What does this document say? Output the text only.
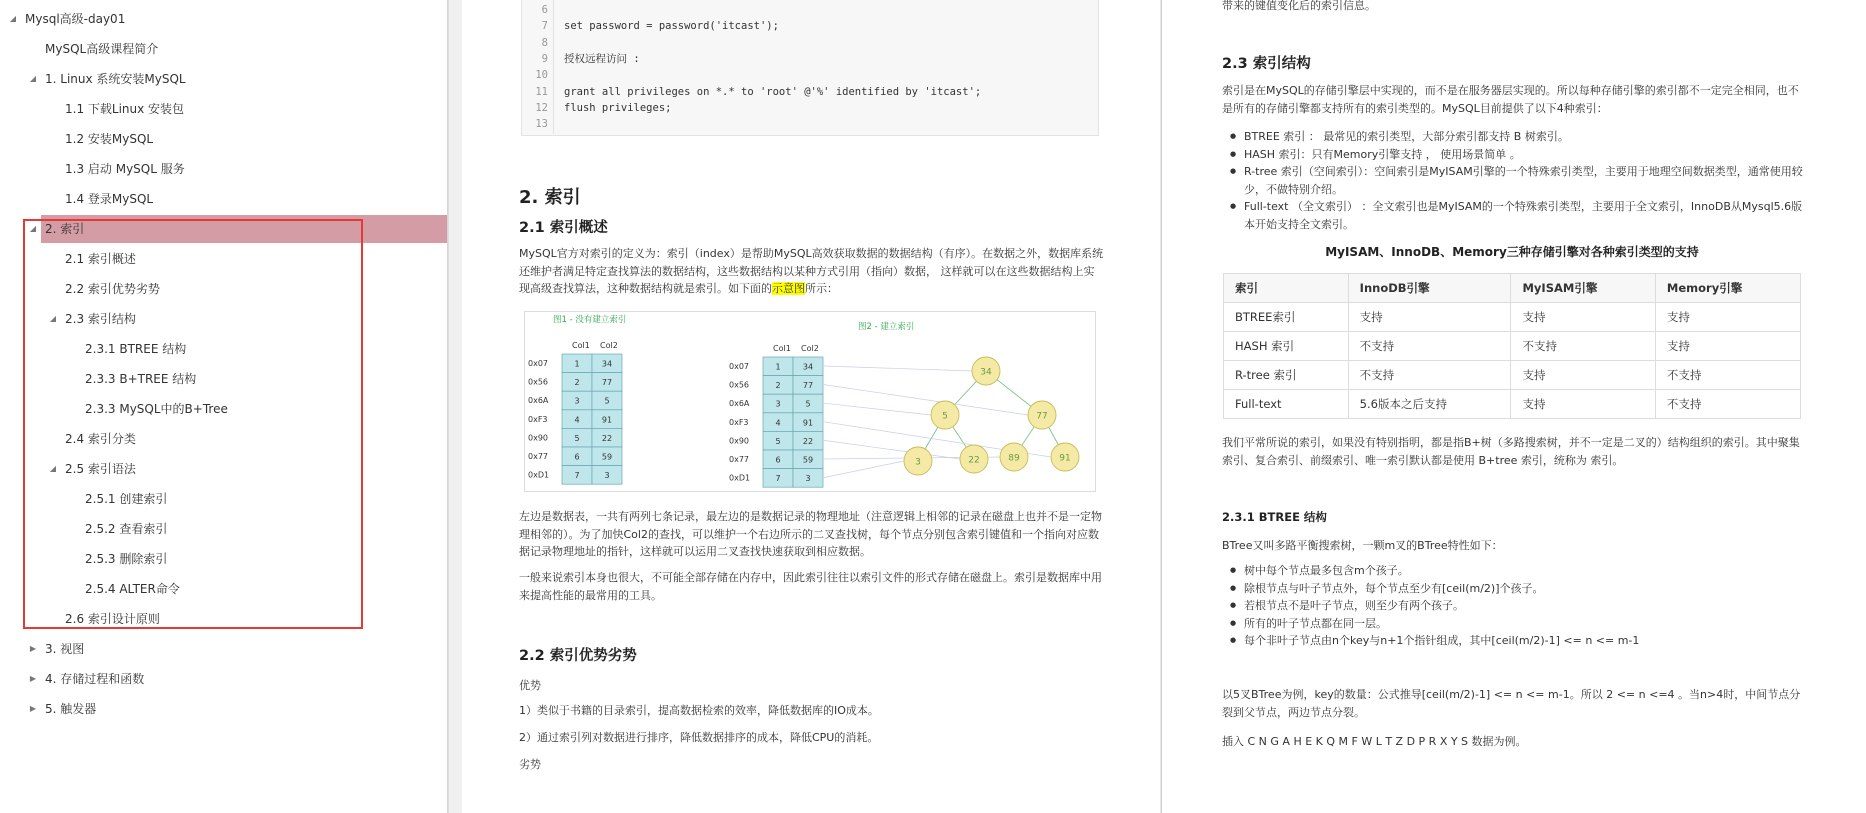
◢ Mysql高级-day01
MySQL高级课程简介
◢ 1. Linux 系统安装MySQL
1.1 下载Linux 安装包
1.2 安装MySQL
1.3 启动 MySQL 服务
1.4 登录MySQL
◢ 2. 索引
2.1 索引概述
2.2 索引优势劣势
◢ 2.3 索引结构
2.3.1 BTREE 结构
2.3.3 B+TREE 结构
2.3.3 MySQL中的B+Tree
2.4 索引分类
◢ 2.5 索引语法
2.5.1 创建索引
2.5.2 查看索引
2.5.3 删除索引
2.5.4 ALTER命令
2.6 索引设计原则
▶ 3. 视图
▶ 4. 存储过程和函数
▶ 5. 触发器
6
7
8
9
10
11
12
13
set password = password('itcast');
授权远程访问 :
grant all privileges on *.* to 'root' @'%' identified by 'itcast';
flush privileges;
2. 索引
2.1 索引概述
MySQL官方对索引的定义为：索引（index）是帮助MySQL高效获取数据的数据结构（有序）。在数据之外，数据库系统还维护者满足特定查找算法的数据结构，这些数据结构以某种方式引用（指向）数据， 这样就可以在这些数据结构上实现高级查找算法，这种数据结构就是索引。如下面的示意图所示：
图1 - 没有建立索引
图2 - 建立索引
Col1 Col2
0x07	1	34
0x56	2	77
0x6A	3	5
0xF3	4	91
0x90	5	22
0x77	6	59
0xD1	7	3
Col1 Col2
0x07	1	34
0x56	2	77
0x6A	3	5
0xF3	4	91
0x90	5	22
0x77	6	59
0xD1	7	3
34
5	77
3	22	89	91
左边是数据表，一共有两列七条记录，最左边的是数据记录的物理地址（注意逻辑上相邻的记录在磁盘上也并不是一定物理相邻的）。为了加快Col2的查找，可以维护一个右边所示的二叉查找树，每个节点分别包含索引键值和一个指向对应数据记录物理地址的指针，这样就可以运用二叉查找快速获取到相应数据。
一般来说索引本身也很大，不可能全部存储在内存中，因此索引往往以索引文件的形式存储在磁盘上。索引是数据库中用来提高性能的最常用的工具。
2.2 索引优势劣势
优势
1）类似于书籍的目录索引，提高数据检索的效率，降低数据库的IO成本。
2）通过索引列对数据进行排序，降低数据排序的成本，降低CPU的消耗。
劣势
带来的键值变化后的索引信息。
2.3 索引结构
索引是在MySQL的存储引擎层中实现的，而不是在服务器层实现的。所以每种存储引擎的索引都不一定完全相同，也不是所有的存储引擎都支持所有的索引类型的。MySQL目前提供了以下4种索引：
● BTREE 索引 ： 最常见的索引类型，大部分索引都支持 B 树索引。
● HASH 索引：只有Memory引擎支持 ， 使用场景简单 。
● R-tree 索引（空间索引）：空间索引是MyISAM引擎的一个特殊索引类型，主要用于地理空间数据类型，通常使用较少，不做特别介绍。
● Full-text （全文索引） ：全文索引也是MyISAM的一个特殊索引类型，主要用于全文索引，InnoDB从Mysql5.6版本开始支持全文索引。
MyISAM、InnoDB、Memory三种存储引擎对各种索引类型的支持
索引	InnoDB引擎	MyISAM引擎	Memory引擎
BTREE索引	支持	支持	支持
HASH 索引	不支持	不支持	支持
R-tree 索引	不支持	支持	不支持
Full-text	5.6版本之后支持	支持	不支持
我们平常所说的索引，如果没有特别指明，都是指B+树（多路搜索树，并不一定是二叉的）结构组织的索引。其中聚集索引、复合索引、前缀索引、唯一索引默认都是使用 B+tree 索引，统称为 索引。
2.3.1 BTREE 结构
BTree又叫多路平衡搜索树，一颗m叉的BTree特性如下：
● 树中每个节点最多包含m个孩子。
● 除根节点与叶子节点外，每个节点至少有[ceil(m/2)]个孩子。
● 若根节点不是叶子节点，则至少有两个孩子。
● 所有的叶子节点都在同一层。
● 每个非叶子节点由n个key与n+1个指针组成，其中[ceil(m/2)-1] <= n <= m-1
以5叉BTree为例，key的数量：公式推导[ceil(m/2)-1] <= n <= m-1。所以 2 <= n <=4 。当n>4时，中间节点分裂到父节点，两边节点分裂。
插入 C N G A H E K Q M F W L T Z D P R X Y S 数据为例。
